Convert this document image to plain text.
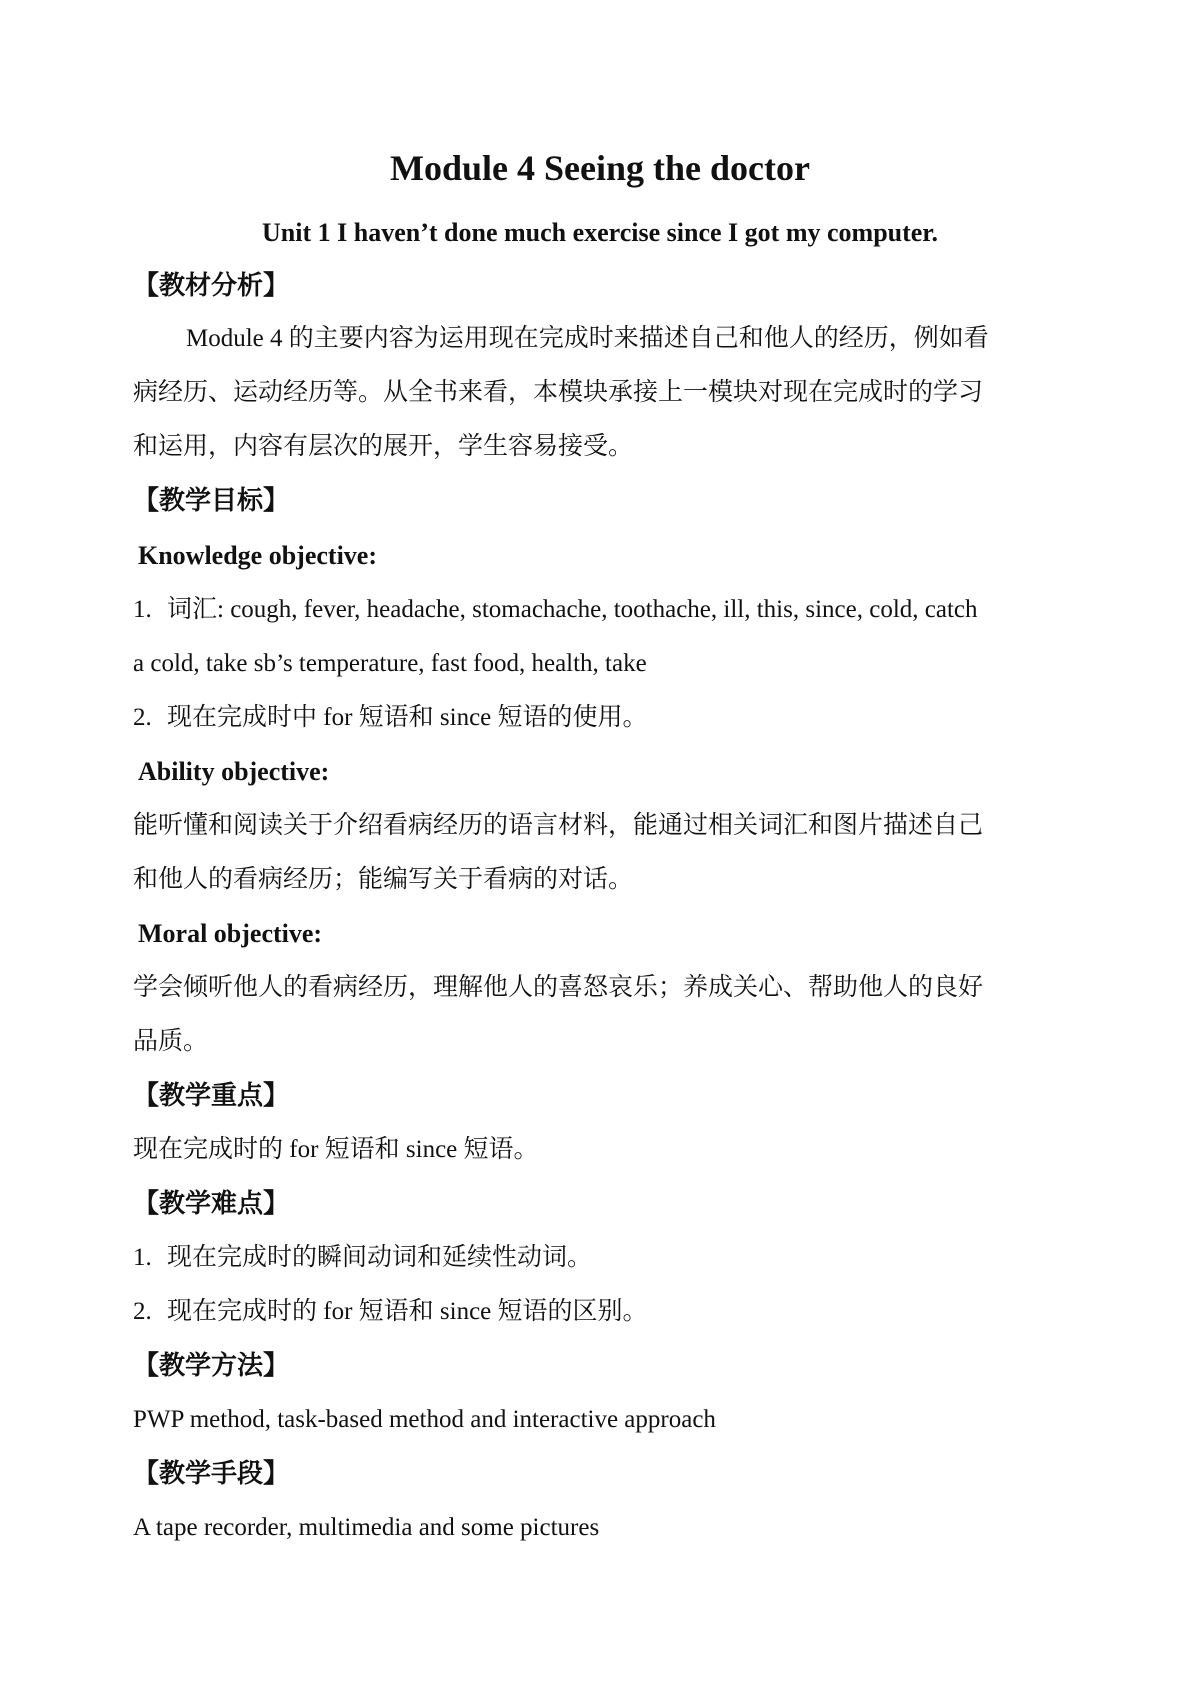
Module 4 Seeing the doctor
Unit 1 I haven’t done much exercise since I got my computer.
【教材分析】
Module 4 的主要内容为运用现在完成时来描述自己和他人的经历，例如看
病经历、运动经历等。从全书来看，本模块承接上一模块对现在完成时的学习
和运用，内容有层次的展开，学生容易接受。
【教学目标】
Knowledge objective:
1. 词汇: cough, fever, headache, stomachache, toothache, ill, this, since, cold, catch
a cold, take sb’s temperature, fast food, health, take
2. 现在完成时中 for 短语和 since 短语的使用。
Ability objective:
能听懂和阅读关于介绍看病经历的语言材料，能通过相关词汇和图片描述自己
和他人的看病经历；能编写关于看病的对话。
Moral objective:
学会倾听他人的看病经历，理解他人的喜怒哀乐；养成关心、帮助他人的良好
品质。
【教学重点】
现在完成时的 for 短语和 since 短语。
【教学难点】
1. 现在完成时的瞬间动词和延续性动词。
2. 现在完成时的 for 短语和 since 短语的区别。
【教学方法】
PWP method, task-based method and interactive approach
【教学手段】
A tape recorder, multimedia and some pictures
